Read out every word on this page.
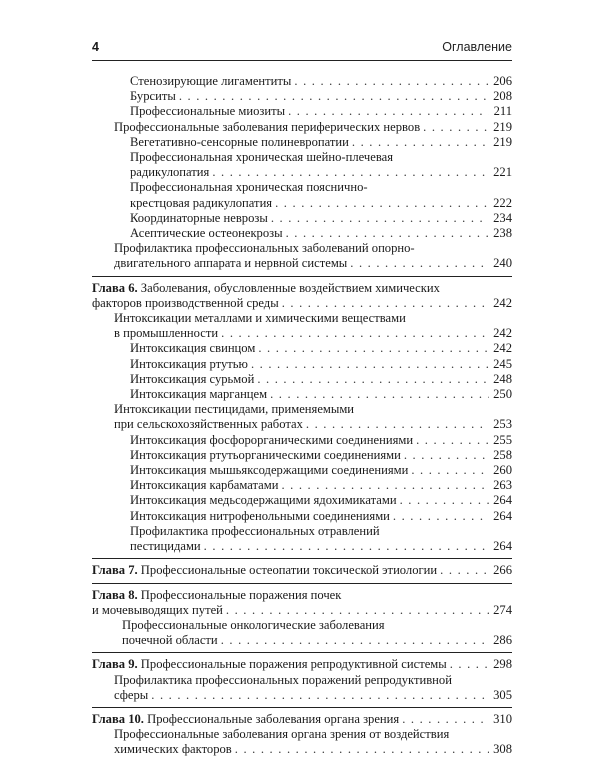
4	Оглавление
Стенозирующие лигаментиты . . .	206
Бурситы . . .	208
Профессиональные миозиты . . .	211
Профессиональные заболевания периферических нервов . . .	219
Вегетативно-сенсорные полиневропатии . . .	219
Профессиональная хроническая шейно-плечевая
радикулопатия . . .	221
Профессиональная хроническая пояснично-
крестцовая радикулопатия . . .	222
Координаторные неврозы . . .	234
Асептические остеонекрозы . . .	238
Профилактика профессиональных заболеваний опорно-
двигательного аппарата и нервной системы . . .	240
Глава 6. Заболевания, обусловленные воздействием химических
факторов производственной среды . . .	242
Интоксикации металлами и химическими веществами
в промышленности . . .	242
Интоксикация свинцом . . .	242
Интоксикация ртутью . . .	245
Интоксикация сурьмой . . .	248
Интоксикация марганцем . . .	250
Интоксикации пестицидами, применяемыми
при сельскохозяйственных работах . . .	253
Интоксикация фосфорорганическими соединениями . . .	255
Интоксикация ртутьорганическими соединениями . . .	258
Интоксикация мышьяксодержащими соединениями . . .	260
Интоксикация карбаматами . . .	263
Интоксикация медьсодержащими ядохимикатами . . .	264
Интоксикация нитрофенольными соединениями . . .	264
Профилактика профессиональных отравлений
пестицидами . . .	264
Глава 7. Профессиональные остеопатии токсической этиологии . . .	266
Глава 8. Профессиональные поражения почек
и мочевыводящих путей . . .	274
Профессиональные онкологические заболевания
почечной области . . .	286
Глава 9. Профессиональные поражения репродуктивной системы . . .	298
Профилактика профессиональных поражений репродуктивной
сферы . . .	305
Глава 10. Профессиональные заболевания органа зрения . . .	310
Профессиональные заболевания органа зрения от воздействия
химических факторов . . .	308
